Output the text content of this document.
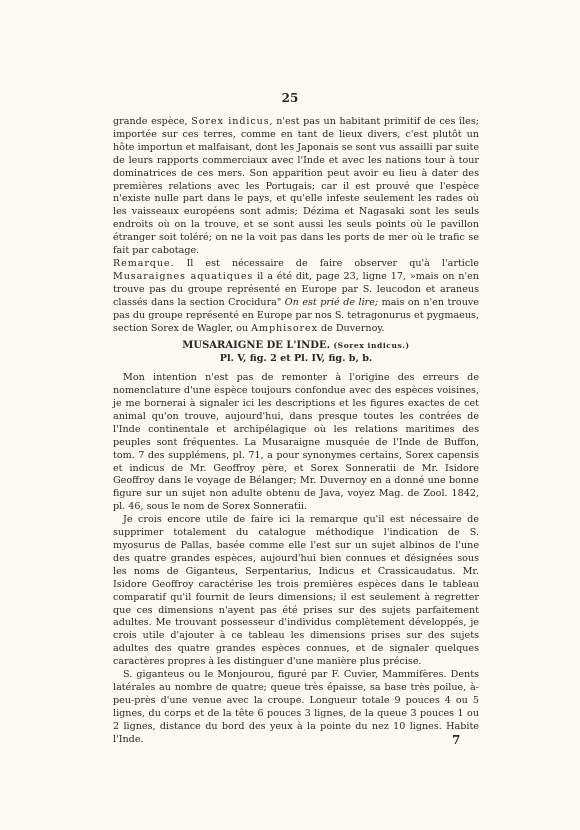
25

grande espèce, Sorex indicus, n'est pas un habitant primitif de ces îles; importée sur ces terres, comme en tant de lieux divers, c'est plutôt un hôte importun et malfaisant, dont les Japonais se sont vus assailli par suite de leurs rapports commerciaux avec l'Inde et avec les nations tour à tour dominatrices de ces mers. Son apparition peut avoir eu lieu à dater des premières relations avec les Portugais; car il est prouvé que l'espèce n'existe nulle part dans le pays, et qu'elle infeste seulement les rades où les vaisseaux européens sont admis; Dézima et Nagasaki sont les seuls endroits où on la trouve, et se sont aussi les seuls points où le pavillon étranger soit toléré; on ne la voit pas dans les ports de mer où le trafic se fait par cabotage.

Remarque. Il est nécessaire de faire observer qu'à l'article Musaraignes aquatiques il a été dit, page 23, ligne 17, »mais on n'en trouve pas du groupe représenté en Europe par S. leucodon et araneus classés dans la section Crocidura" On est prié de lire; mais on n'en trouve pas du groupe représenté en Europe par nos S. tetragonurus et pygmaeus, section Sorex de Wagler, ou Amphisorex de Duvernoy.

MUSARAIGNE DE L'INDE. (Sorex indicus.)
Pl. V, fig. 2 et Pl. IV, fig. b, b.

Mon intention n'est pas de remonter à l'origine des erreurs de nomenclature d'une espèce toujours confondue avec des espèces voisines, je me bornerai à signaler ici les descriptions et les figures exactes de cet animal qu'on trouve, aujourd'hui, dans presque toutes les contrées de l'Inde continentale et archipélagique où les relations maritimes des peuples sont fréquentes. La Musaraigne musquée de l'Inde de Buffon, tom. 7 des supplémens, pl. 71, a pour synonymes certains, Sorex capensis et indicus de Mr. Geoffroy père, et Sorex Sonneratii de Mr. Isidore Geoffroy dans le voyage de Bélanger; Mr. Duvernoy en a donné une bonne figure sur un sujet non adulte obtenu de Java, voyez Mag. de Zool. 1842, pl. 46, sous le nom de Sorex Sonneratii.

Je crois encore utile de faire ici la remarque qu'il est nécessaire de supprimer totalement du catalogue méthodique l'indication de S. myosurus de Pallas, basée comme elle l'est sur un sujet albinos de l'une des quatre grandes espèces, aujourd'hui bien connues et désignées sous les noms de Giganteus, Serpentarius, Indicus et Crassicaudatus. Mr. Isidore Geoffroy caractérise les trois premières espèces dans le tableau comparatif qu'il fournit de leurs dimensions; il est seulement à regretter que ces dimensions n'ayent pas été prises sur des sujets parfaitement adultes. Me trouvant possesseur d'individus complètement développés, je crois utile d'ajouter à ce tableau les dimensions prises sur des sujets adultes des quatre grandes espèces connues, et de signaler quelques caractères propres à les distinguer d'une manière plus précise.

S. giganteus ou le Monjourou, figuré par F. Cuvier, Mammifères. Dents latérales au nombre de quatre; queue très épaisse, sa base très poilue, à-peu-près d'une venue avec la croupe. Longueur totale 9 pouces 4 ou 5 lignes, du corps et de la tête 6 pouces 3 lignes, de la queue 3 pouces 1 ou 2 lignes, distance du bord des yeux à la pointe du nez 10 lignes. Habite l'Inde.	7
